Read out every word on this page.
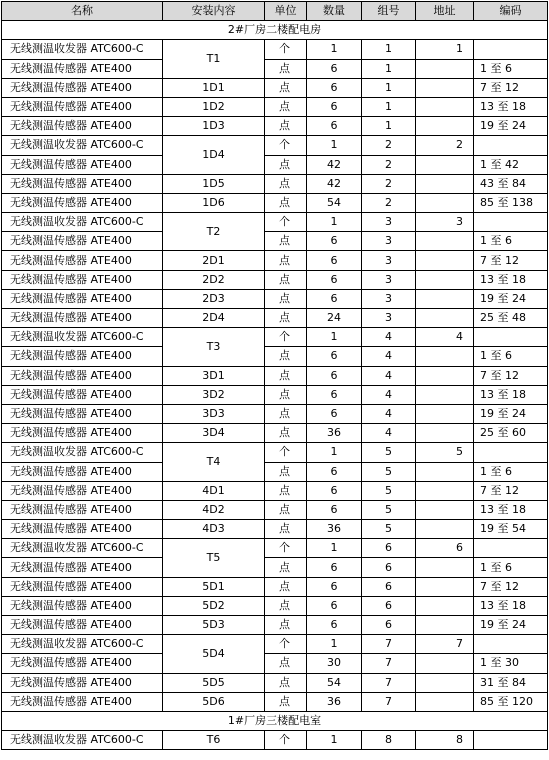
名称	安装内容	单位	数量	组号	地址	编码
2#厂房二楼配电房						
无线测温收发器 ATC600-C	T1	个	1	1	1	
无线测温传感器 ATE400		点	6	1		1 至 6
无线测温传感器 ATE400	1D1	点	6	1		7 至 12
无线测温传感器 ATE400	1D2	点	6	1		13 至 18
无线测温传感器 ATE400	1D3	点	6	1		19 至 24
无线测温收发器 ATC600-C	1D4	个	1	2	2	
无线测温传感器 ATE400		点	42	2		1 至 42
无线测温传感器 ATE400	1D5	点	42	2		43 至 84
无线测温传感器 ATE400	1D6	点	54	2		85 至 138
无线测温收发器 ATC600-C	T2	个	1	3	3	
无线测温传感器 ATE400		点	6	3		1 至 6
无线测温传感器 ATE400	2D1	点	6	3		7 至 12
无线测温传感器 ATE400	2D2	点	6	3		13 至 18
无线测温传感器 ATE400	2D3	点	6	3		19 至 24
无线测温传感器 ATE400	2D4	点	24	3		25 至 48
无线测温收发器 ATC600-C	T3	个	1	4	4	
无线测温传感器 ATE400		点	6	4		1 至 6
无线测温传感器 ATE400	3D1	点	6	4		7 至 12
无线测温传感器 ATE400	3D2	点	6	4		13 至 18
无线测温传感器 ATE400	3D3	点	6	4		19 至 24
无线测温传感器 ATE400	3D4	点	36	4		25 至 60
无线测温收发器 ATC600-C	T4	个	1	5	5	
无线测温传感器 ATE400		点	6	5		1 至 6
无线测温传感器 ATE400	4D1	点	6	5		7 至 12
无线测温传感器 ATE400	4D2	点	6	5		13 至 18
无线测温传感器 ATE400	4D3	点	36	5		19 至 54
无线测温收发器 ATC600-C	T5	个	1	6	6	
无线测温传感器 ATE400		点	6	6		1 至 6
无线测温传感器 ATE400	5D1	点	6	6		7 至 12
无线测温传感器 ATE400	5D2	点	6	6		13 至 18
无线测温传感器 ATE400	5D3	点	6	6		19 至 24
无线测温收发器 ATC600-C	5D4	个	1	7	7	
无线测温传感器 ATE400		点	30	7		1 至 30
无线测温传感器 ATE400	5D5	点	54	7		31 至 84
无线测温传感器 ATE400	5D6	点	36	7		85 至 120
1#厂房三楼配电室						
无线测温收发器 ATC600-C	T6	个	1	8	8	
